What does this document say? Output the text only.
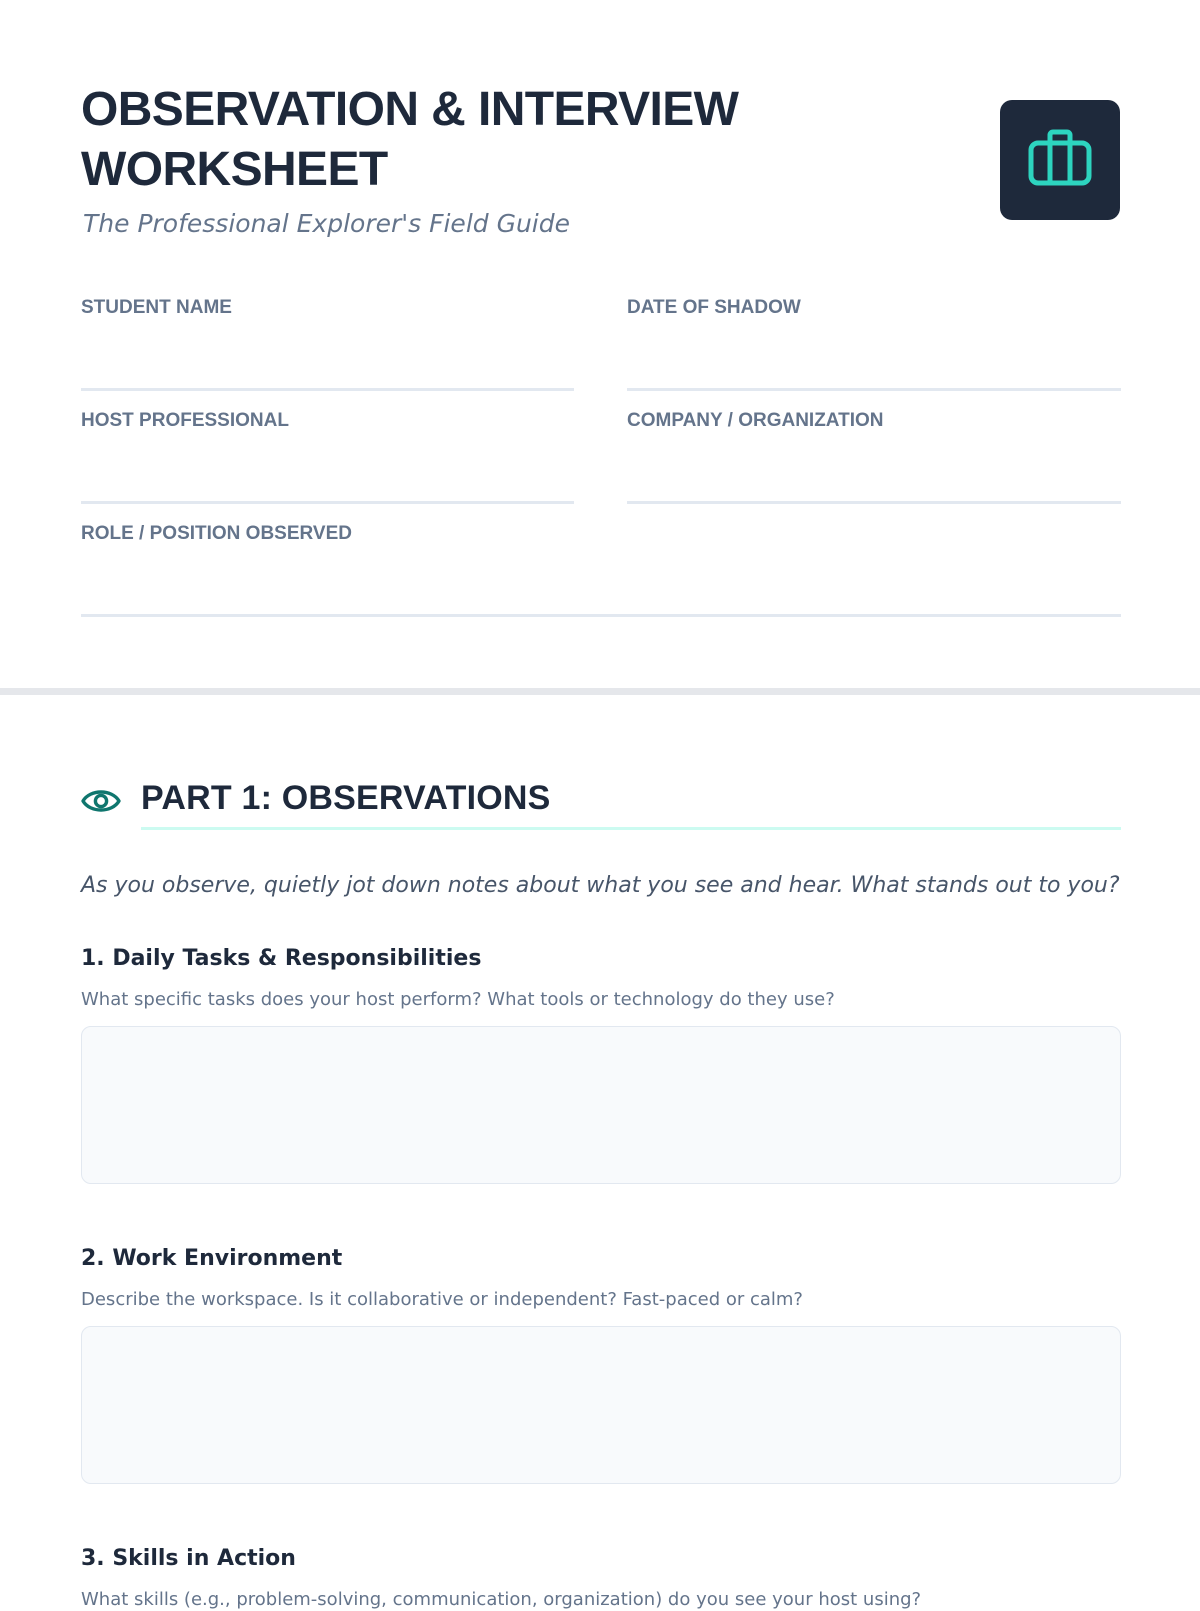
OBSERVATION & INTERVIEW WORKSHEET
The Professional Explorer's Field Guide
STUDENT NAME	DATE OF SHADOW
HOST PROFESSIONAL	COMPANY / ORGANIZATION
ROLE / POSITION OBSERVED
PART 1: OBSERVATIONS

As you observe, quietly jot down notes about what you see and hear. What stands out to you?

1. Daily Tasks & Responsibilities

What specific tasks does your host perform? What tools or technology do they use?

2. Work Environment

Describe the workspace. Is it collaborative or independent? Fast-paced or calm?

3. Skills in Action

What skills (e.g., problem-solving, communication, organization) do you see your host using?
